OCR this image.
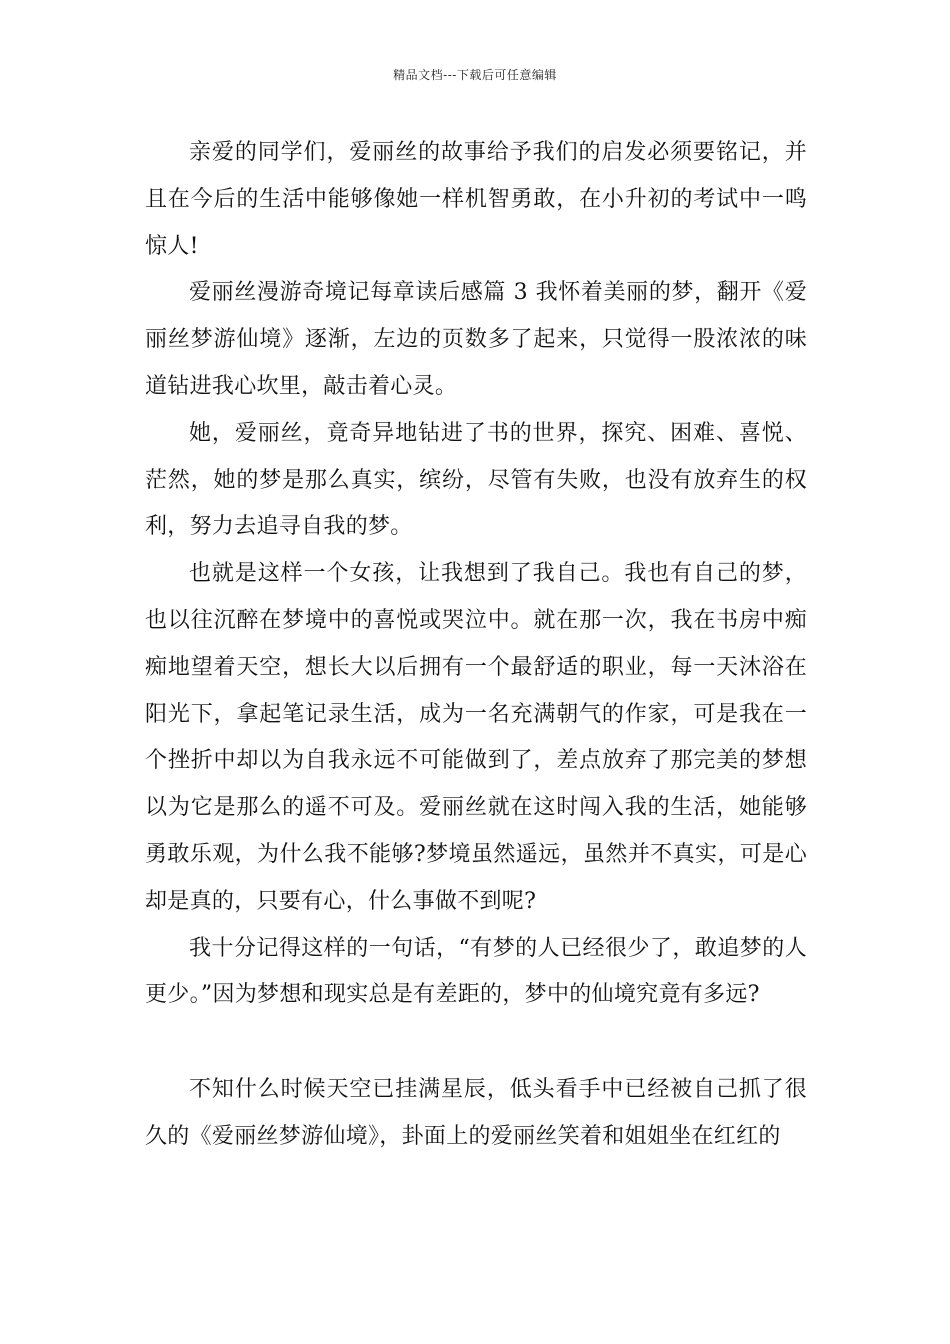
精品文档---下载后可任意编辑

亲爱的同学们，爱丽丝的故事给予我们的启发必须要铭记，并且在今后的生活中能够像她一样机智勇敢，在小升初的考试中一鸣惊人!

爱丽丝漫游奇境记每章读后感篇 3 我怀着美丽的梦，翻开《爱丽丝梦游仙境》逐渐，左边的页数多了起来，只觉得一股浓浓的味道钻进我心坎里，敲击着心灵。

她，爱丽丝，竟奇异地钻进了书的世界，探究、困难、喜悦、茫然，她的梦是那么真实，缤纷，尽管有失败，也没有放弃生的权利，努力去追寻自我的梦。

也就是这样一个女孩，让我想到了我自己。我也有自己的梦，也以往沉醉在梦境中的喜悦或哭泣中。就在那一次，我在书房中痴痴地望着天空，想长大以后拥有一个最舒适的职业，每一天沐浴在阳光下，拿起笔记录生活，成为一名充满朝气的作家，可是我在一个挫折中却以为自我永远不可能做到了，差点放弃了那完美的梦想以为它是那么的遥不可及。爱丽丝就在这时闯入我的生活，她能够勇敢乐观，为什么我不能够?梦境虽然遥远，虽然并不真实，可是心却是真的，只要有心，什么事做不到呢?

我十分记得这样的一句话，“有梦的人已经很少了，敢追梦的人更少。”因为梦想和现实总是有差距的，梦中的仙境究竟有多远?

不知什么时候天空已挂满星辰，低头看手中已经被自己抓了很久的《爱丽丝梦游仙境》，卦面上的爱丽丝笑着和姐姐坐在红红的
